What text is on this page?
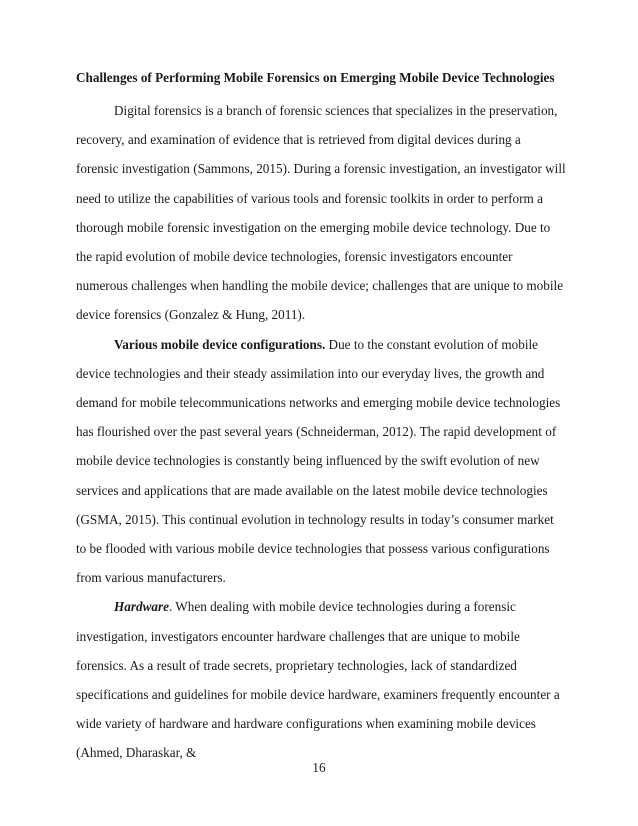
Challenges of Performing Mobile Forensics on Emerging Mobile Device Technologies

Digital forensics is a branch of forensic sciences that specializes in the preservation, recovery, and examination of evidence that is retrieved from digital devices during a forensic investigation (Sammons, 2015). During a forensic investigation, an investigator will need to utilize the capabilities of various tools and forensic toolkits in order to perform a thorough mobile forensic investigation on the emerging mobile device technology. Due to the rapid evolution of mobile device technologies, forensic investigators encounter numerous challenges when handling the mobile device; challenges that are unique to mobile device forensics (Gonzalez & Hung, 2011).

Various mobile device configurations. Due to the constant evolution of mobile device technologies and their steady assimilation into our everyday lives, the growth and demand for mobile telecommunications networks and emerging mobile device technologies has flourished over the past several years (Schneiderman, 2012). The rapid development of mobile device technologies is constantly being influenced by the swift evolution of new services and applications that are made available on the latest mobile device technologies (GSMA, 2015). This continual evolution in technology results in today’s consumer market to be flooded with various mobile device technologies that possess various configurations from various manufacturers.

Hardware. When dealing with mobile device technologies during a forensic investigation, investigators encounter hardware challenges that are unique to mobile forensics. As a result of trade secrets, proprietary technologies, lack of standardized specifications and guidelines for mobile device hardware, examiners frequently encounter a wide variety of hardware and hardware configurations when examining mobile devices (Ahmed, Dharaskar, &

16
